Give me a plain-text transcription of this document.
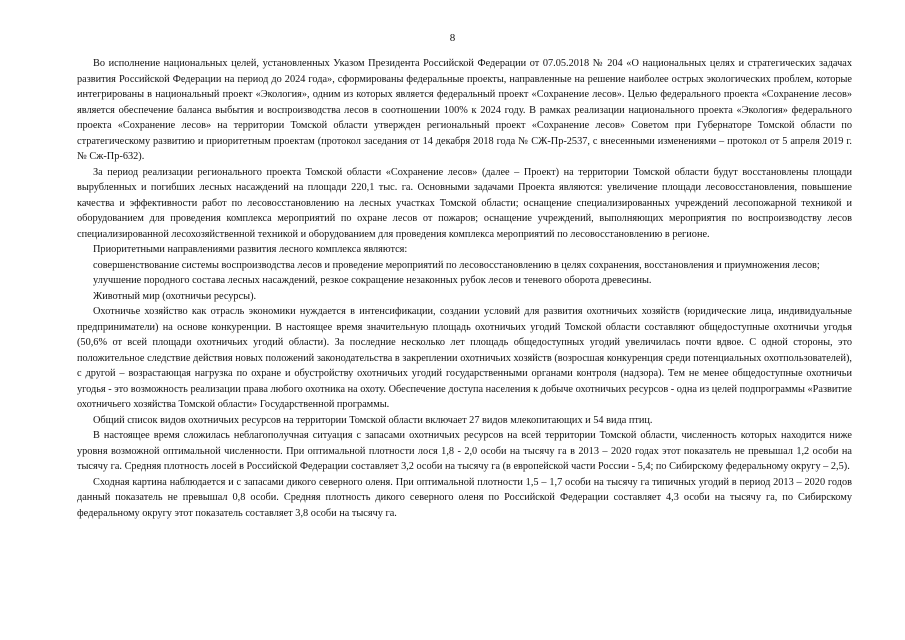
8

Во исполнение национальных целей, установленных Указом Президента Российской Федерации от 07.05.2018 № 204 «О национальных целях и стратегических задачах развития Российской Федерации на период до 2024 года», сформированы федеральные проекты, направленные на решение наиболее острых экологических проблем, которые интегрированы в национальный проект «Экология», одним из которых является федеральный проект «Сохранение лесов». Целью федерального проекта «Сохранение лесов» является обеспечение баланса выбытия и воспроизводства лесов в соотношении 100% к 2024 году. В рамках реализации национального проекта «Экология» федерального проекта «Сохранение лесов» на территории Томской области утвержден региональный проект «Сохранение лесов» Советом при Губернаторе Томской области по стратегическому развитию и приоритетным проектам (протокол заседания от 14 декабря 2018 года № СЖ-Пр-2537, с внесенными изменениями – протокол от 5 апреля 2019 г. № Сж-Пр-632).

За период реализации регионального проекта Томской области «Сохранение лесов» (далее – Проект) на территории Томской области будут восстановлены площади вырубленных и погибших лесных насаждений на площади 220,1 тыс. га. Основными задачами Проекта являются: увеличение площади лесовосстановления, повышение качества и эффективности работ по лесовосстановлению на лесных участках Томской области; оснащение специализированных учреждений лесопожарной техникой и оборудованием для проведения комплекса мероприятий по охране лесов от пожаров; оснащение учреждений, выполняющих мероприятия по воспроизводству лесов специализированной лесохозяйственной техникой и оборудованием для проведения комплекса мероприятий по лесовосстановлению в регионе.

Приоритетными направлениями развития лесного комплекса являются:

совершенствование системы воспроизводства лесов и проведение мероприятий по лесовосстановлению в целях сохранения, восстановления и приумножения лесов;

улучшение породного состава лесных насаждений, резкое сокращение незаконных рубок лесов и теневого оборота древесины.

Животный мир (охотничьи ресурсы).

Охотничье хозяйство как отрасль экономики нуждается в интенсификации, создании условий для развития охотничьих хозяйств (юридические лица, индивидуальные предприниматели) на основе конкуренции. В настоящее время значительную площадь охотничьих угодий Томской области составляют общедоступные охотничьи угодья (50,6% от всей площади охотничьих угодий области). За последние несколько лет площадь общедоступных угодий увеличилась почти вдвое. С одной стороны, это положительное следствие действия новых положений законодательства в закреплении охотничьих хозяйств (возросшая конкуренция среди потенциальных охотпользователей), с другой – возрастающая нагрузка по охране и обустройству охотничьих угодий государственными органами контроля (надзора). Тем не менее общедоступные охотничьи угодья - это возможность реализации права любого охотника на охоту. Обеспечение доступа населения к добыче охотничьих ресурсов - одна из целей подпрограммы «Развитие охотничьего хозяйства Томской области» Государственной программы.

Общий список видов охотничьих ресурсов на территории Томской области включает 27 видов млекопитающих и 54 вида птиц.

В настоящее время сложилась неблагополучная ситуация с запасами охотничьих ресурсов на всей территории Томской области, численность которых находится ниже уровня возможной оптимальной численности. При оптимальной плотности лося 1,8 - 2,0 особи на тысячу га в 2013 – 2020 годах этот показатель не превышал 1,2 особи на тысячу га. Средняя плотность лосей в Российской Федерации составляет 3,2 особи на тысячу га (в европейской части России - 5,4; по Сибирскому федеральному округу – 2,5).

Сходная картина наблюдается и с запасами дикого северного оленя. При оптимальной плотности 1,5 – 1,7 особи на тысячу га типичных угодий в период 2013 – 2020 годов данный показатель не превышал 0,8 особи. Средняя плотность дикого северного оленя по Российской Федерации составляет 4,3 особи на тысячу га, по Сибирскому федеральному округу этот показатель составляет 3,8 особи на тысячу га.
